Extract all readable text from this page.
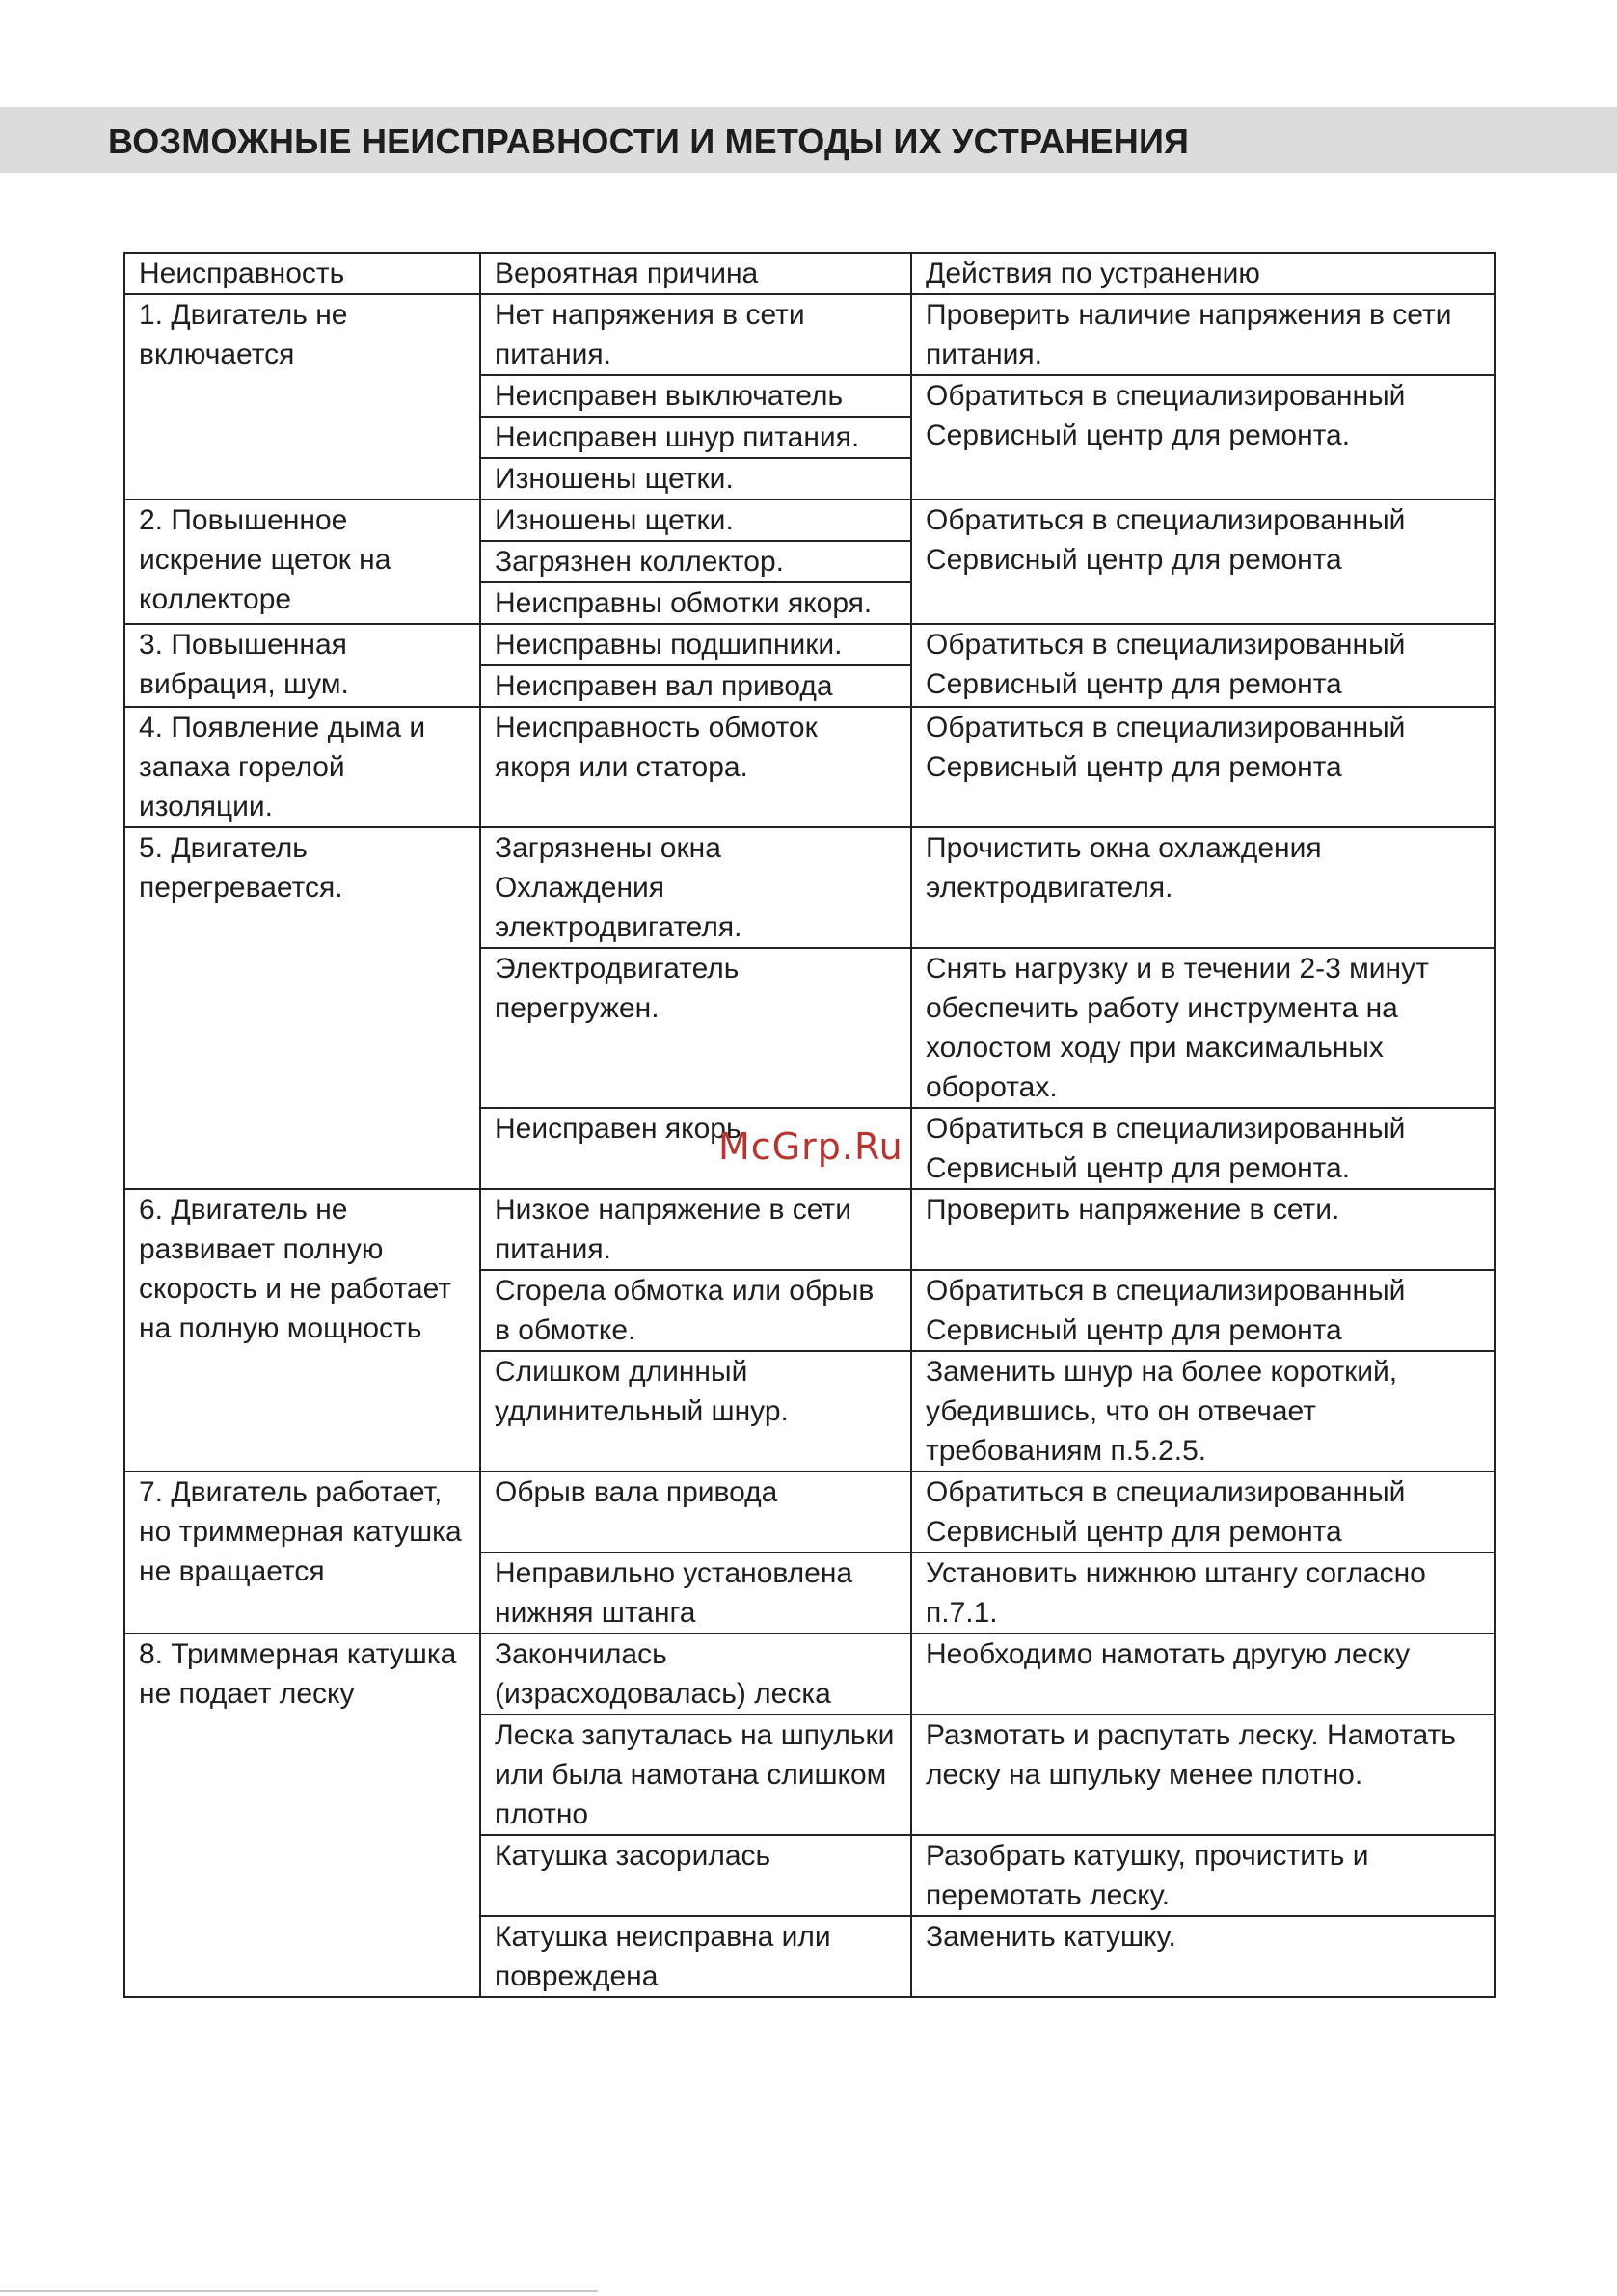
ВОЗМОЖНЫЕ НЕИСПРАВНОСТИ И МЕТОДЫ ИХ УСТРАНЕНИЯ
Неисправность	Вероятная причина	Действия по устранению
1. Двигатель не включается	Нет напряжения в сети питания.	Проверить наличие напряжения в сети питания.
	Неисправен выключатель	Обратиться в специализированный Сервисный центр для ремонта.
	Неисправен шнур питания.	
	Изношены щетки.	
2. Повышенное искрение щеток на коллекторе	Изношены щетки.	Обратиться в специализированный Сервисный центр для ремонта
	Загрязнен коллектор.	
	Неисправны обмотки якоря.	
3. Повышенная вибрация, шум.	Неисправны подшипники.	Обратиться в специализированный Сервисный центр для ремонта
	Неисправен вал привода	
4. Появление дыма и запаха горелой изоляции.	Неисправность обмоток якоря или статора.	Обратиться в специализированный Сервисный центр для ремонта
5. Двигатель перегревается.	Загрязнены окна Охлаждения электродвигателя.	Прочистить окна охлаждения электродвигателя.
	Электродвигатель перегружен.	Снять нагрузку и в течении 2-3 минут обеспечить работу инструмента на холостом ходу при максимальных оборотах.
	Неисправен якорь.	Обратиться в специализированный Сервисный центр для ремонта.
6. Двигатель не развивает полную скорость и не работает на полную мощность	Низкое напряжение в сети питания.	Проверить напряжение в сети.
	Сгорела обмотка или обрыв в обмотке.	Обратиться в специализированный Сервисный центр для ремонта
	Слишком длинный удлинительный шнур.	Заменить шнур на более короткий, убедившись, что он отвечает требованиям п.5.2.5.
7. Двигатель работает, но триммерная катушка не вращается	Обрыв вала привода	Обратиться в специализированный Сервисный центр для ремонта
	Неправильно установлена нижняя штанга	Установить нижнюю штангу согласно п.7.1.
8. Триммерная катушка не подает леску	Закончилась (израсходовалась) леска	Необходимо намотать другую леску
	Леска запуталась на шпульки или была намотана слишком плотно	Размотать и распутать леску. Намотать леску на шпульку менее плотно.
	Катушка засорилась	Разобрать катушку, прочистить и перемотать леску.
	Катушка неисправна или повреждена	Заменить катушку.
McGrp.Ru
